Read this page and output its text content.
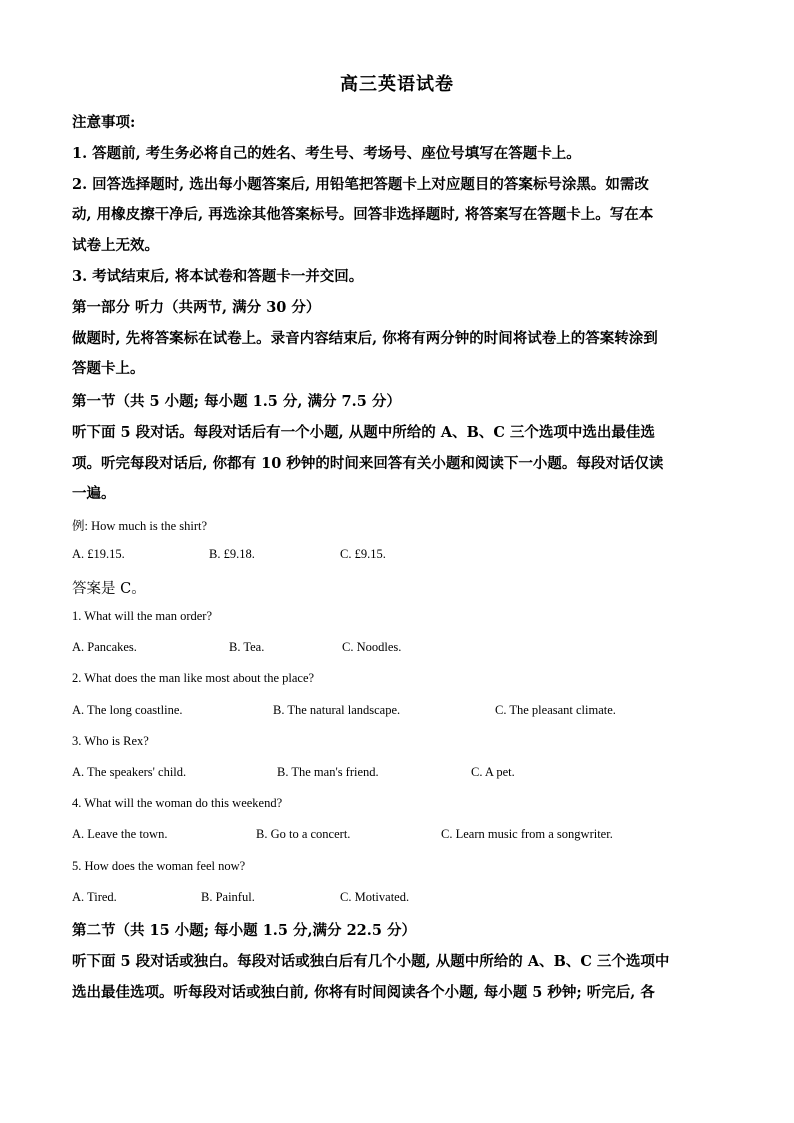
高三英语试卷
注意事项:
1. 答题前, 考生务必将自己的姓名、考生号、考场号、座位号填写在答题卡上。
2. 回答选择题时, 选出每小题答案后, 用铅笔把答题卡上对应题目的答案标号涂黑。如需改
动, 用橡皮擦干净后, 再选涂其他答案标号。回答非选择题时, 将答案写在答题卡上。写在本
试卷上无效。
3. 考试结束后, 将本试卷和答题卡一并交回。
第一部分 听力（共两节, 满分 30 分）
做题时, 先将答案标在试卷上。录音内容结束后, 你将有两分钟的时间将试卷上的答案转涂到
答题卡上。
第一节（共 5 小题; 每小题 1.5 分, 满分 7.5 分）
听下面 5 段对话。每段对话后有一个小题, 从题中所给的 A、B、C 三个选项中选出最佳选
项。听完每段对话后, 你都有 10 秒钟的时间来回答有关小题和阅读下一小题。每段对话仅读
一遍。
例: How much is the shirt?
A. £19.15.	B. £9.18.	C. £9.15.
答案是 C。
1. What will the man order?
A. Pancakes.	B. Tea.	C. Noodles.
2. What does the man like most about the place?
A. The long coastline.	B. The natural landscape.	C. The pleasant climate.
3. Who is Rex?
A. The speakers' child.	B. The man's friend.	C. A pet.
4. What will the woman do this weekend?
A. Leave the town.	B. Go to a concert.	C. Learn music from a songwriter.
5. How does the woman feel now?
A. Tired.	B. Painful.	C. Motivated.
第二节（共 15 小题; 每小题 1.5 分,满分 22.5 分）
听下面 5 段对话或独白。每段对话或独白后有几个小题, 从题中所给的 A、B、C 三个选项中
选出最佳选项。听每段对话或独白前, 你将有时间阅读各个小题, 每小题 5 秒钟; 听完后, 各
